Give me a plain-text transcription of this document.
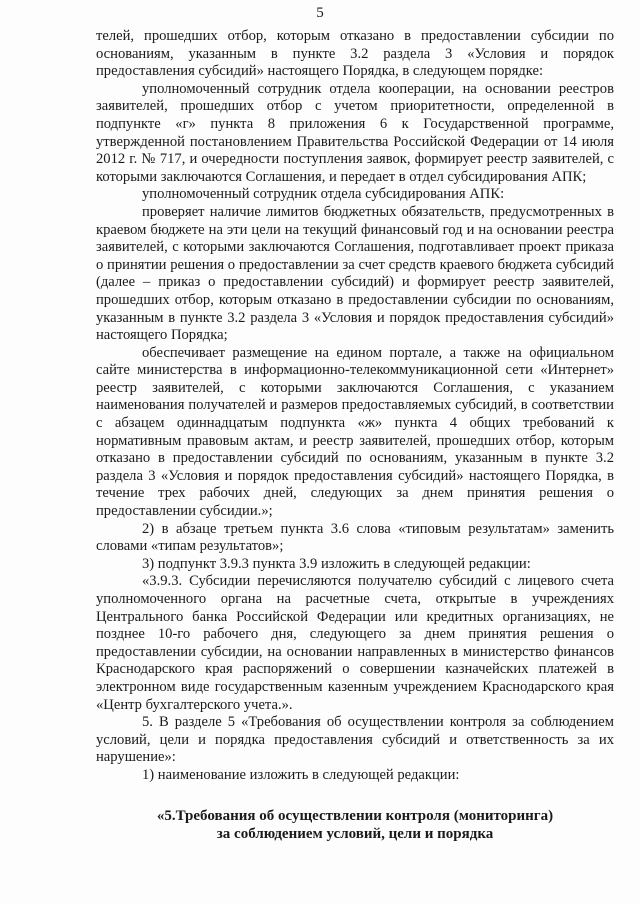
5

телей, прошедших отбор, которым отказано в предоставлении субсидии по основаниям, указанным в пункте 3.2 раздела 3 «Условия и порядок предоставления субсидий» настоящего Порядка, в следующем порядке:

уполномоченный сотрудник отдела кооперации, на основании реестров заявителей, прошедших отбор с учетом приоритетности, определенной в подпункте «г» пункта 8 приложения 6 к Государственной программе, утвержденной постановлением Правительства Российской Федерации от 14 июля 2012 г. № 717, и очередности поступления заявок, формирует реестр заявителей, с которыми заключаются Соглашения, и передает в отдел субсидирования АПК;

уполномоченный сотрудник отдела субсидирования АПК:

проверяет наличие лимитов бюджетных обязательств, предусмотренных в краевом бюджете на эти цели на текущий финансовый год и на основании реестра заявителей, с которыми заключаются Соглашения, подготавливает проект приказа о принятии решения о предоставлении за счет средств краевого бюджета субсидий (далее – приказ о предоставлении субсидий) и формирует реестр заявителей, прошедших отбор, которым отказано в предоставлении субсидии по основаниям, указанным в пункте 3.2 раздела 3 «Условия и порядок предоставления субсидий» настоящего Порядка;

обеспечивает размещение на едином портале, а также на официальном сайте министерства в информационно-телекоммуникационной сети «Интернет» реестр заявителей, с которыми заключаются Соглашения, с указанием наименования получателей и размеров предоставляемых субсидий, в соответствии с абзацем одиннадцатым подпункта «ж» пункта 4 общих требований к нормативным правовым актам, и реестр заявителей, прошедших отбор, которым отказано в предоставлении субсидий по основаниям, указанным в пункте 3.2 раздела 3 «Условия и порядок предоставления субсидий» настоящего Порядка, в течение трех рабочих дней, следующих за днем принятия решения о предоставлении субсидии.»;

2) в абзаце третьем пункта 3.6 слова «типовым результатам» заменить словами «типам результатов»;

3) подпункт 3.9.3 пункта 3.9 изложить в следующей редакции:

«3.9.3. Субсидии перечисляются получателю субсидий с лицевого счета уполномоченного органа на расчетные счета, открытые в учреждениях Центрального банка Российской Федерации или кредитных организациях, не позднее 10-го рабочего дня, следующего за днем принятия решения о предоставлении субсидии, на основании направленных в министерство финансов Краснодарского края распоряжений о совершении казначейских платежей в электронном виде государственным казенным учреждением Краснодарского края «Центр бухгалтерского учета.».

5. В разделе 5 «Требования об осуществлении контроля за соблюдением условий, цели и порядка предоставления субсидий и ответственность за их нарушение»:

1) наименование изложить в следующей редакции:

«5.Требования об осуществлении контроля (мониторинга)

за соблюдением условий, цели и порядка
